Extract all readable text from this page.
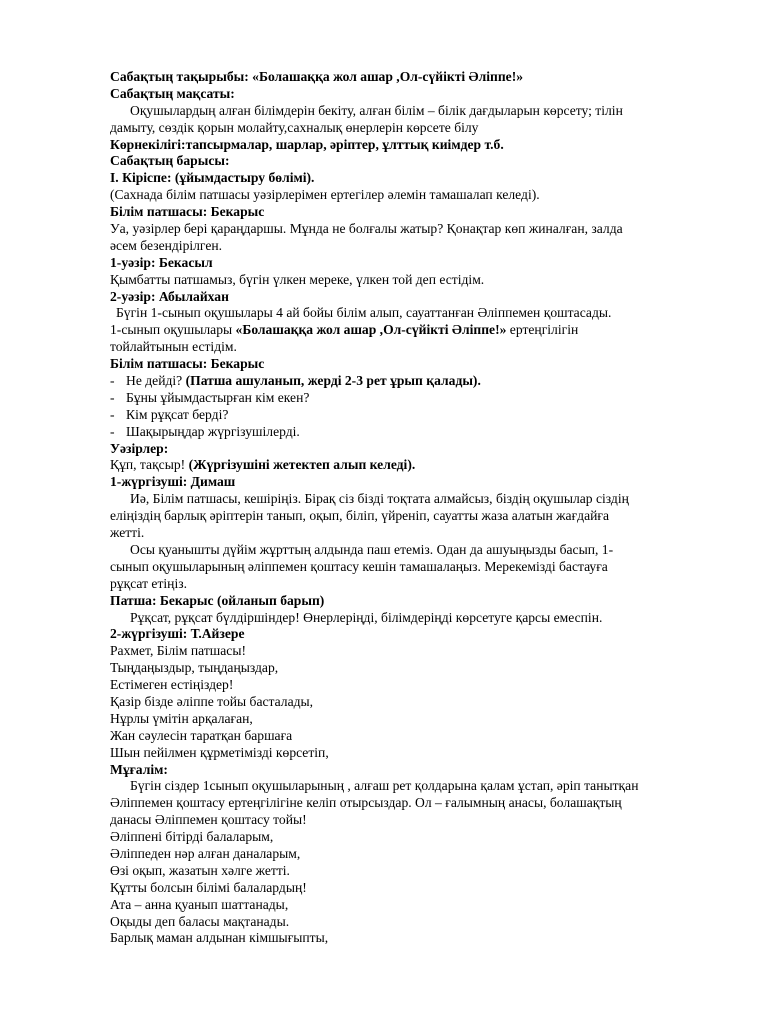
Сабақтың тақырыбы: «Болашаққа жол ашар ,Ол-сүйікті Әліппе!»
Сабақтың мақсаты:
Оқушылардың алған білімдерін бекіту, алған білім – білік дағдыларын көрсету; тілін
дамыту, сөздік қорын молайту,сахналық өнерлерін көрсете білу
Көрнекілігі:тапсырмалар, шарлар, әріптер, ұлттық киімдер т.б.
Сабақтың барысы:
I. Кіріспе: (ұйымдастыру бөлімі).
(Сахнада білім патшасы уәзірлерімен ертегілер әлемін тамашалап келеді).
Білім патшасы: Бекарыс
Уа, уәзірлер бері қараңдаршы. Мұнда не болғалы жатыр? Қонақтар көп жиналған, залда
әсем безендірілген.
1-уәзір: Бекасыл
Қымбатты патшамыз, бүгін үлкен мереке, үлкен той деп естідім.
2-уәзір: Абылайхан
Бүгін 1-сынып оқушылары 4 ай бойы білім алып, сауаттанған Әліппемен қоштасады.
1-сынып оқушылары «Болашаққа жол ашар ,Ол-сүйікті Әліппе!» ертеңгілігін
тойлайтынын естідім.
Білім патшасы: Бекарыс
- Не дейді? (Патша ашуланып, жерді 2-3 рет ұрып қалады).
- Бұны ұйымдастырған кім екен?
- Кім рұқсат берді?
- Шақырыңдар жүргізушілерді.
Уәзірлер:
Құп, тақсыр! (Жүргізушіні жетектеп алып келеді).
1-жүргізуші: Димаш
Иә, Білім патшасы, кешіріңіз. Бірақ сіз бізді тоқтата алмайсыз, біздің оқушылар сіздің
еліңіздің барлық әріптерін танып, оқып, біліп, үйреніп, сауатты жаза алатын жағдайға
жетті.
Осы қуанышты дүйім жұрттың алдында паш етеміз. Одан да ашуыңызды басып, 1-
сынып оқушыларының әліппемен қоштасу кешін тамашалаңыз. Мерекемізді бастауға
рұқсат етіңіз.
Патша: Бекарыс (ойланып барып)
Рұқсат, рұқсат бүлдіршіндер! Өнерлеріңді, білімдеріңді көрсетуге қарсы емеспін.
2-жүргізуші: Т.Айзере
Рахмет, Білім патшасы!
Тыңдаңыздыр, тыңдаңыздар,
Естімеген естіңіздер!
Қазір бізде әліппе тойы басталады,
Нұрлы үмітін арқалаған,
Жан сәулесін таратқан баршаға
Шын пейілмен құрметімізді көрсетіп,
Мұғалім:
Бүгін сіздер 1сынып оқушыларының , алғаш рет қолдарына қалам ұстап, әріп танытқан
Әліппемен қоштасу ертеңгілігіне келіп отырсыздар. Ол – ғалымның анасы, болашақтың
данасы Әліппемен қоштасу тойы!
Әліппені бітірді балаларым,
Әліппеден нәр алған даналарым,
Өзі оқып, жазатын хәлге жетті.
Құтты болсын білімі балалардың!
Ата – анна қуанып шаттанады,
Оқыды деп баласы мақтанады.
Барлық маман алдынан кімшығыпты,
